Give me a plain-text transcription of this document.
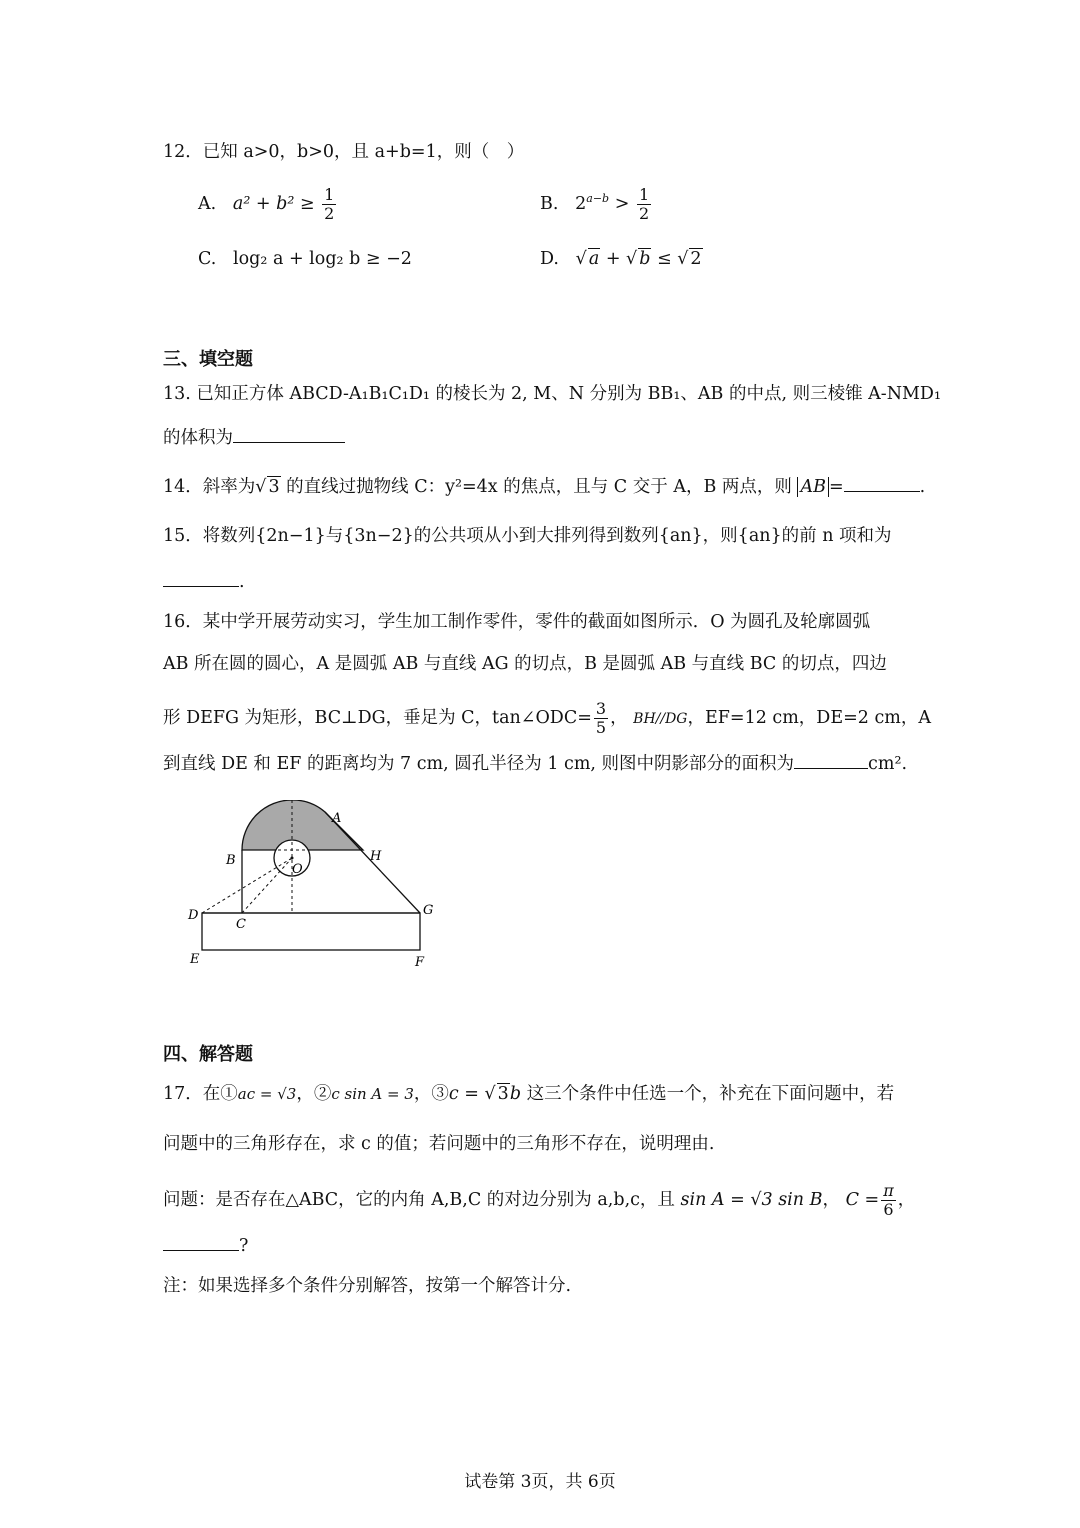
12．已知 a>0，b>0，且 a+b=1，则（　）
A. $a^2 + b^2 \ge \frac{1}{2}$	B. $2^{a-b} > \frac{1}{2}$
C. log₂ a + log₂ b ≥ −2	D.   √ a + √ b ≤ √ 2
三、填空题
13. 已知正方体 ABCD-A₁B₁C₁D₁ 的棱长为 2, M、N 分别为 BB₁、AB 的中点, 则三棱锥 A-NMD₁
的体积为
14．斜率为√ 3 的直线过抛物线 C：y²=4x 的焦点，且与 C 交于 A，B 两点，则 AB =	.
15．将数列{2n−1}与{3n−2}的公共项从小到大排列得到数列{an}，则{an}的前 n 项和为
.
16．某中学开展劳动实习，学生加工制作零件，零件的截面如图所示．O 为圆孔及轮廓圆弧
AB 所在圆的圆心，A 是圆弧 AB 与直线 AG 的切点，B 是圆弧 AB 与直线 BC 的切点，四边
形 DEFG 为矩形，BC⊥DG，垂足为 C，tan∠ODC= $\frac{3}{5}$ ， BH//DG，EF=12 cm，DE=2 cm，A
到直线 DE 和 EF 的距离均为 7 cm, 圆孔半径为 1 cm, 则图中阴影部分的面积为	cm².
A
B	H
O
C
D	G
E	F
四、解答题
17．在①ac = √3，②c sin A = 3，③c = √ 3b 这三个条件中任选一个，补充在下面问题中，若
问题中的三角形存在，求 c 的值；若问题中的三角形不存在，说明理由.
问题：是否存在△ABC，它的内角 A,B,C 的对边分别为 a,b,c，且 sin A = √3 sin B， $C = \frac{\pi}{6}$ ，
?
注：如果选择多个条件分别解答，按第一个解答计分.
试卷第 3页，共 6页
